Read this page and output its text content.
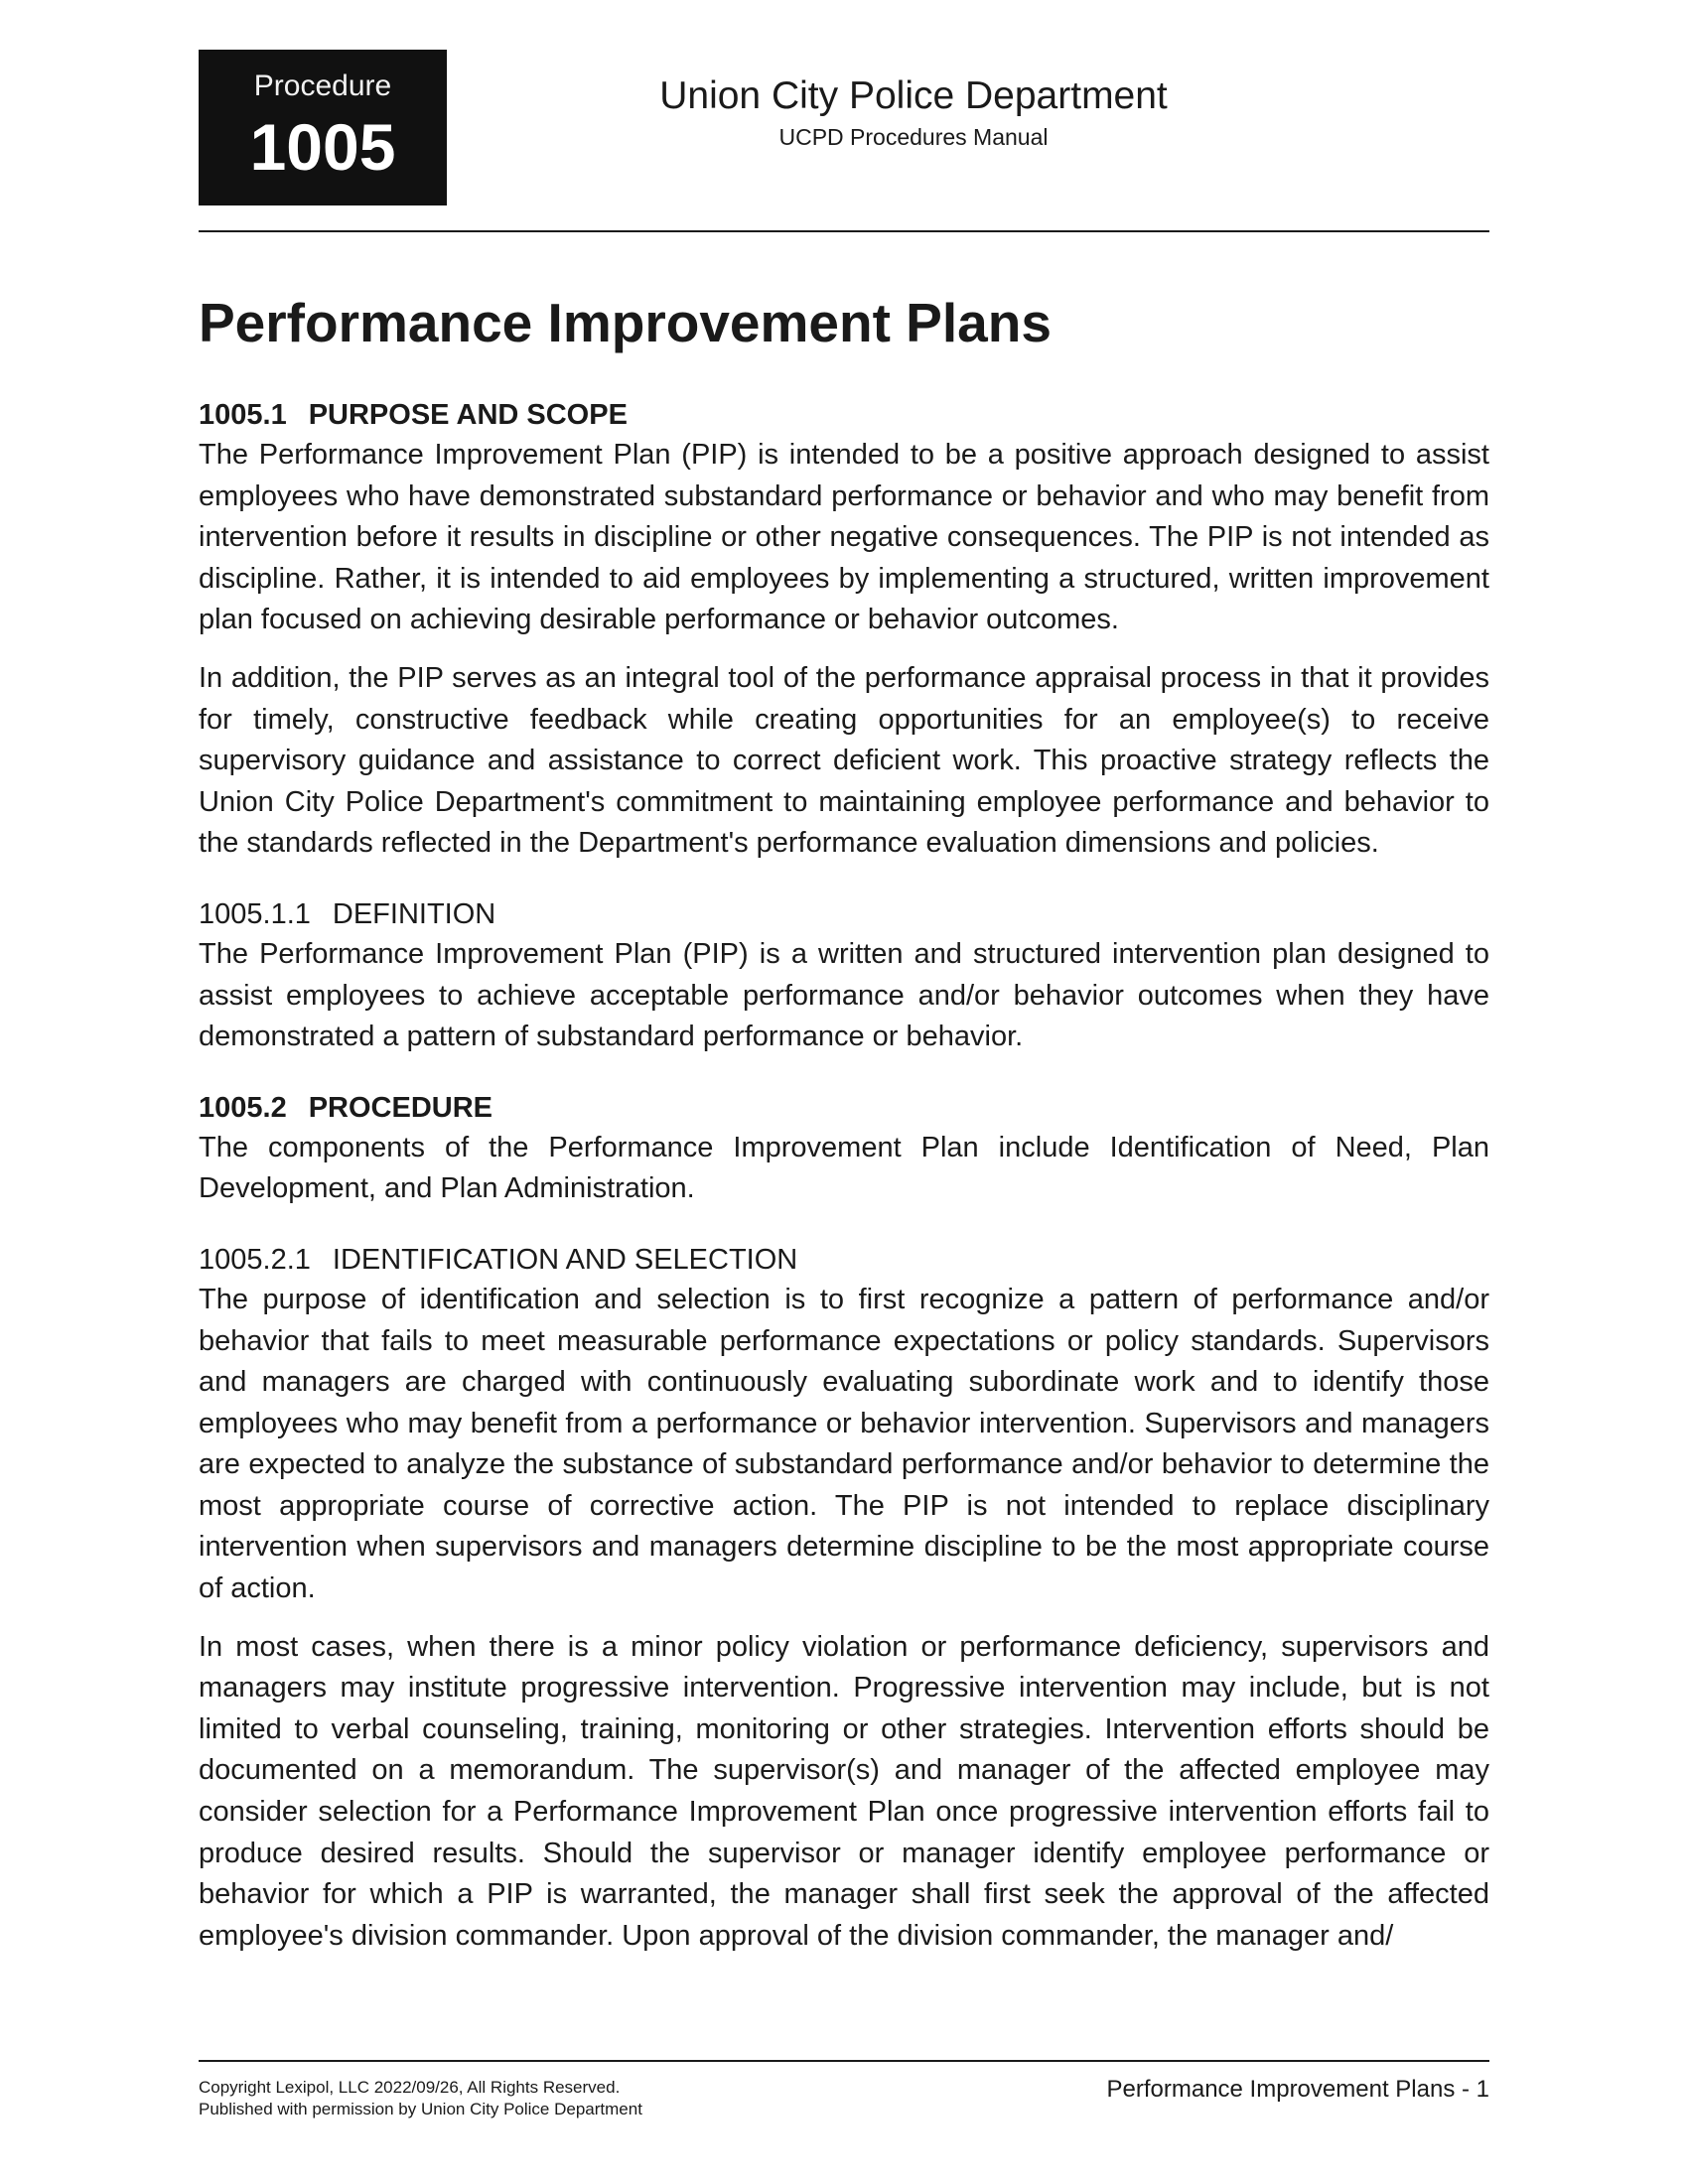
Procedure
1005
Union City Police Department
UCPD Procedures Manual
Performance Improvement Plans
1005.1 PURPOSE AND SCOPE

The Performance Improvement Plan (PIP) is intended to be a positive approach designed to assist employees who have demonstrated substandard performance or behavior and who may benefit from intervention before it results in discipline or other negative consequences. The PIP is not intended as discipline. Rather, it is intended to aid employees by implementing a structured, written improvement plan focused on achieving desirable performance or behavior outcomes.

In addition, the PIP serves as an integral tool of the performance appraisal process in that it provides for timely, constructive feedback while creating opportunities for an employee(s) to receive supervisory guidance and assistance to correct deficient work. This proactive strategy reflects the Union City Police Department's commitment to maintaining employee performance and behavior to the standards reflected in the Department's performance evaluation dimensions and policies.

1005.1.1 DEFINITION

The Performance Improvement Plan (PIP) is a written and structured intervention plan designed to assist employees to achieve acceptable performance and/or behavior outcomes when they have demonstrated a pattern of substandard performance or behavior.

1005.2 PROCEDURE

The components of the Performance Improvement Plan include Identification of Need, Plan Development, and Plan Administration.

1005.2.1 IDENTIFICATION AND SELECTION

The purpose of identification and selection is to first recognize a pattern of performance and/or behavior that fails to meet measurable performance expectations or policy standards. Supervisors and managers are charged with continuously evaluating subordinate work and to identify those employees who may benefit from a performance or behavior intervention. Supervisors and managers are expected to analyze the substance of substandard performance and/or behavior to determine the most appropriate course of corrective action. The PIP is not intended to replace disciplinary intervention when supervisors and managers determine discipline to be the most appropriate course of action.

In most cases, when there is a minor policy violation or performance deficiency, supervisors and managers may institute progressive intervention. Progressive intervention may include, but is not limited to verbal counseling, training, monitoring or other strategies. Intervention efforts should be documented on a memorandum. The supervisor(s) and manager of the affected employee may consider selection for a Performance Improvement Plan once progressive intervention efforts fail to produce desired results. Should the supervisor or manager identify employee performance or behavior for which a PIP is warranted, the manager shall first seek the approval of the affected employee's division commander. Upon approval of the division commander, the manager and/

Copyright Lexipol, LLC 2022/09/26, All Rights Reserved.
Published with permission by Union City Police Department
Performance Improvement Plans - 1
